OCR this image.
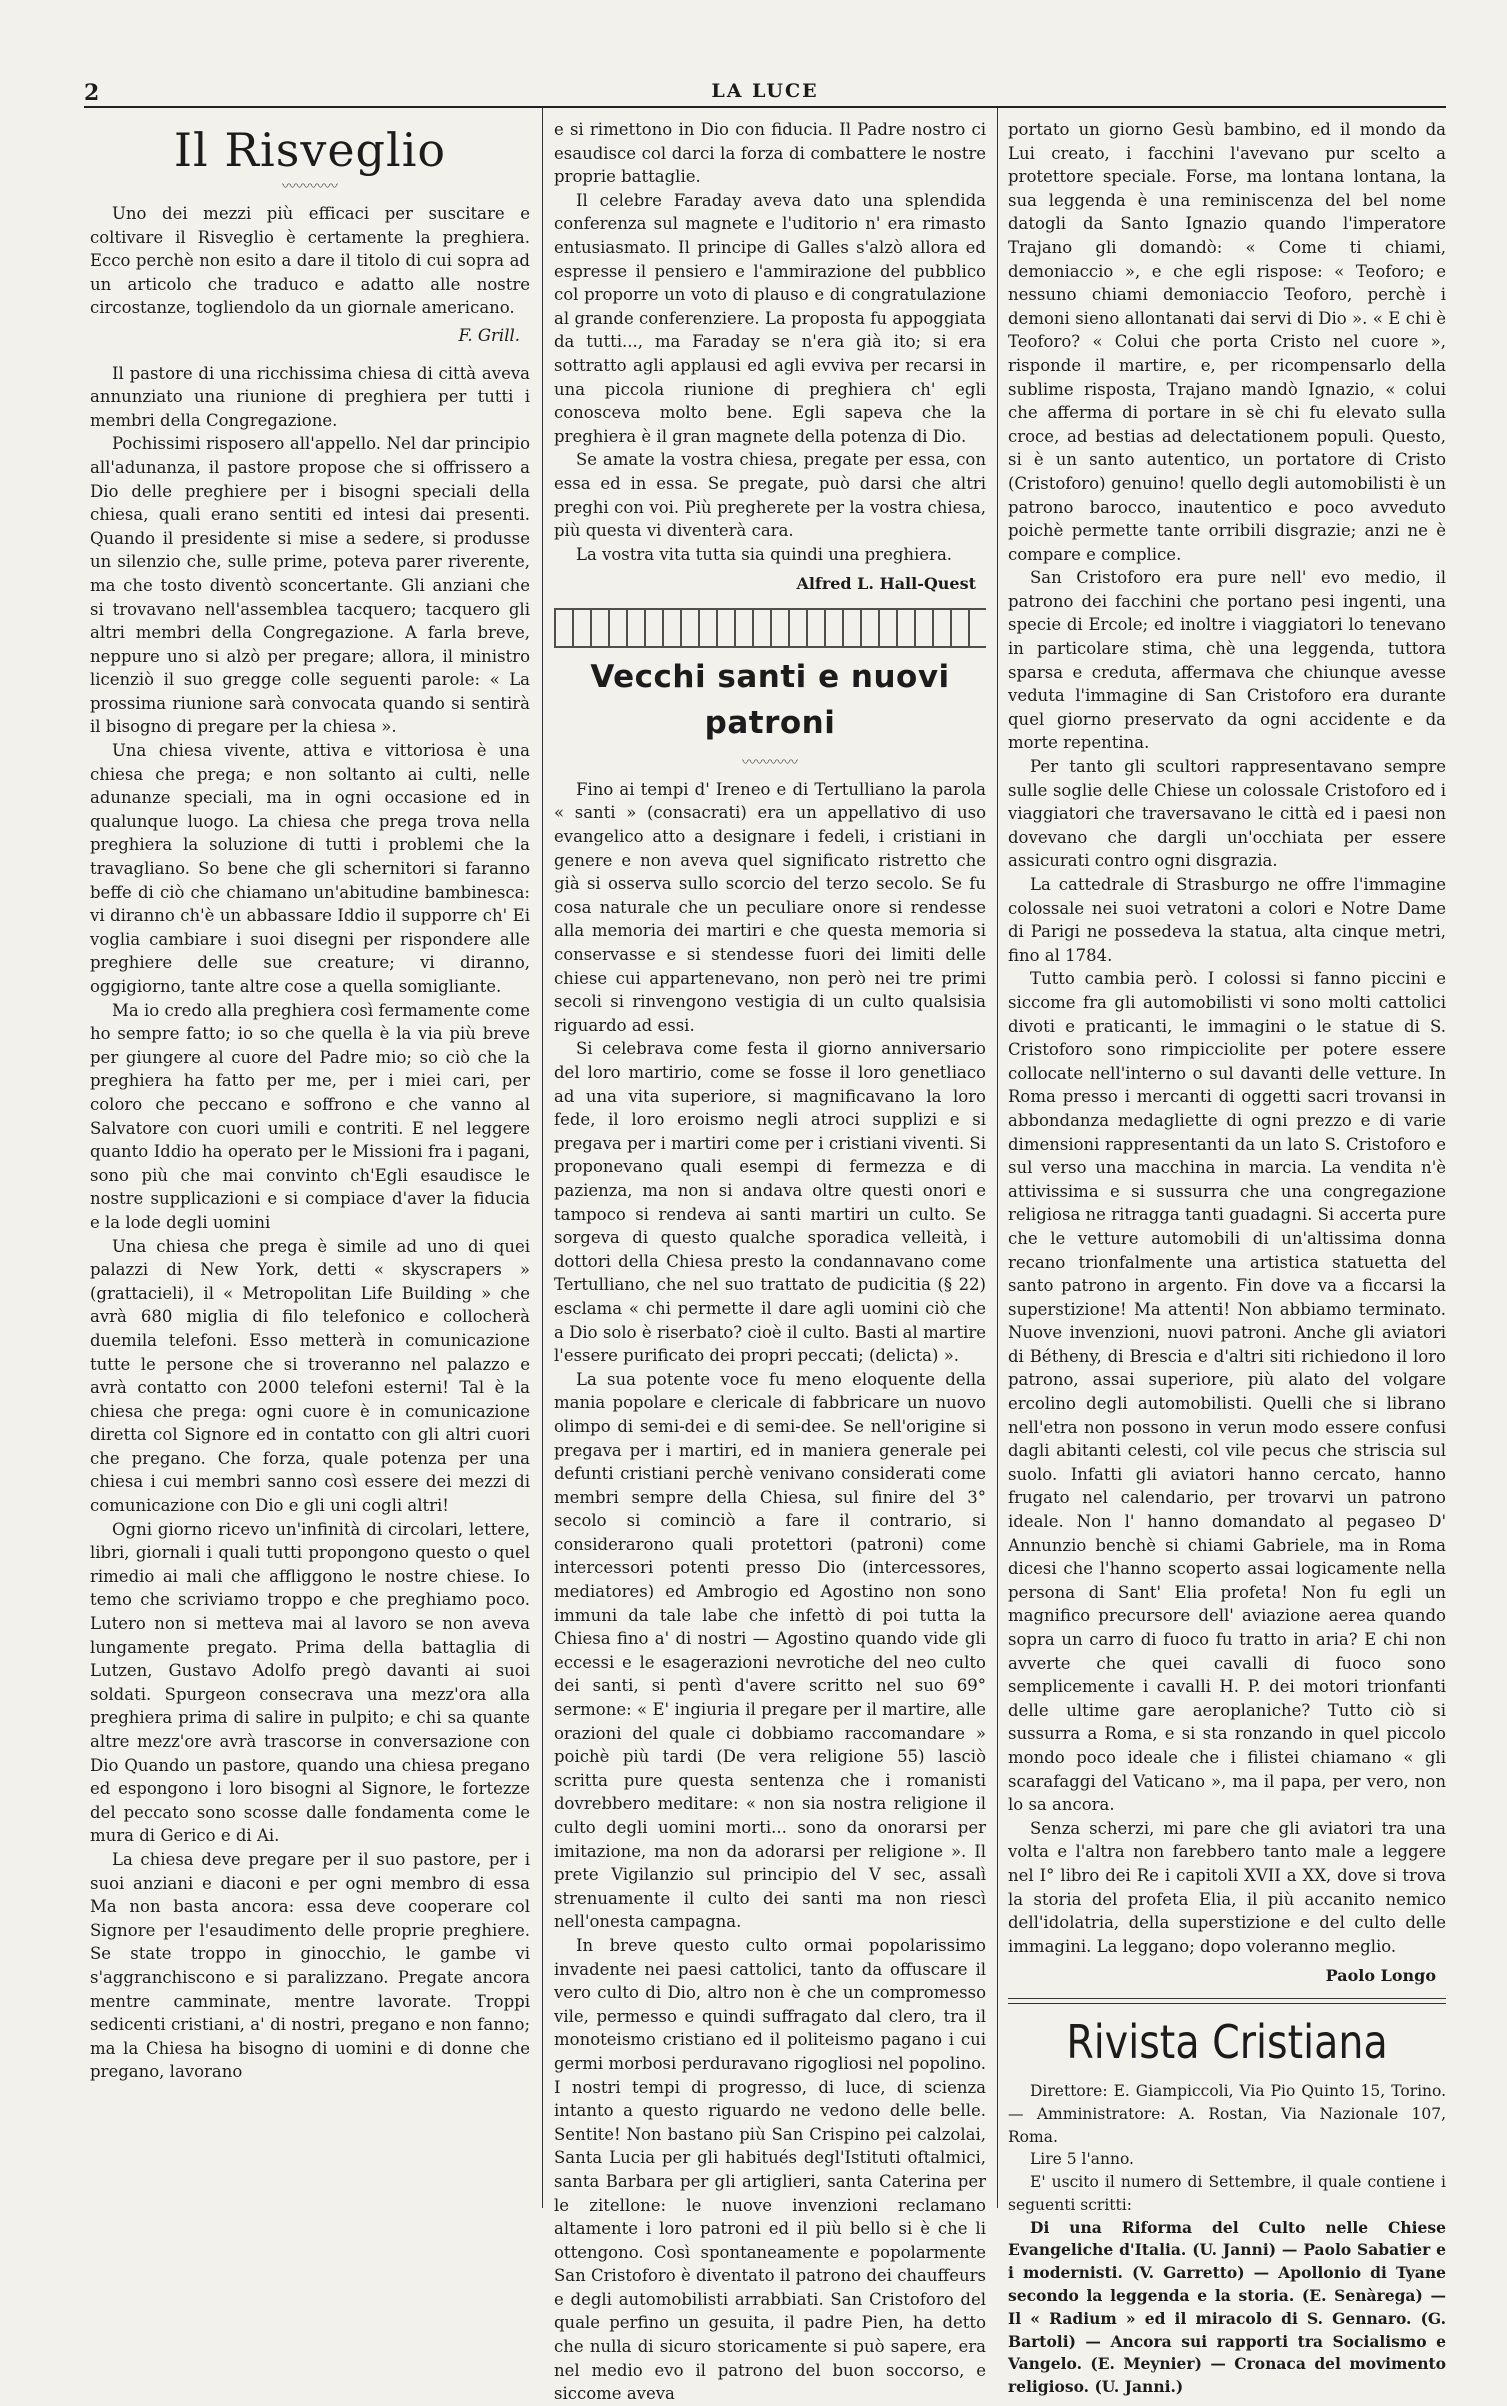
2	LA LUCE
Il Risveglio
〰〰〰〰

Uno dei mezzi più efficaci per suscitare e coltivare il Risveglio è certamente la preghiera. Ecco perchè non esito a dare il titolo di cui sopra ad un articolo che traduco e adatto alle nostre circostanze, togliendolo da un giornale americano.

F. Grill.

Il pastore di una ricchissima chiesa di città aveva annunziato una riunione di preghiera per tutti i membri della Congregazione.

Pochissimi risposero all'appello. Nel dar principio all'adunanza, il pastore propose che si offrissero a Dio delle preghiere per i bisogni speciali della chiesa, quali erano sentiti ed intesi dai presenti. Quando il presidente si mise a sedere, si produsse un silenzio che, sulle prime, poteva parer riverente, ma che tosto diventò sconcertante. Gli anziani che si trovavano nell'assemblea tacquero; tacquero gli altri membri della Congregazione. A farla breve, neppure uno si alzò per pregare; allora, il ministro licenziò il suo gregge colle seguenti parole: « La prossima riunione sarà convocata quando si sentirà il bisogno di pregare per la chiesa ».

Una chiesa vivente, attiva e vittoriosa è una chiesa che prega; e non soltanto ai culti, nelle adunanze speciali, ma in ogni occasione ed in qualunque luogo. La chiesa che prega trova nella preghiera la soluzione di tutti i problemi che la travagliano. So bene che gli schernitori si faranno beffe di ciò che chiamano un'abitudine bambinesca: vi diranno ch'è un abbassare Iddio il supporre ch' Ei voglia cambiare i suoi disegni per rispondere alle preghiere delle sue creature; vi diranno, oggigiorno, tante altre cose a quella somigliante.

Ma io credo alla preghiera così fermamente come ho sempre fatto; io so che quella è la via più breve per giungere al cuore del Padre mio; so ciò che la preghiera ha fatto per me, per i miei cari, per coloro che peccano e soffrono e che vanno al Salvatore con cuori umili e contriti. E nel leggere quanto Iddio ha operato per le Missioni fra i pagani, sono più che mai convinto ch'Egli esaudisce le nostre supplicazioni e si compiace d'aver la fiducia e la lode degli uomini

Una chiesa che prega è simile ad uno di quei palazzi di New York, detti « skyscrapers » (grattacieli), il « Metropolitan Life Building » che avrà 680 miglia di filo telefonico e collocherà duemila telefoni. Esso metterà in comunicazione tutte le persone che si troveranno nel palazzo e avrà contatto con 2000 telefoni esterni! Tal è la chiesa che prega: ogni cuore è in comunicazione diretta col Signore ed in contatto con gli altri cuori che pregano. Che forza, quale potenza per una chiesa i cui membri sanno così essere dei mezzi di comunicazione con Dio e gli uni cogli altri!

Ogni giorno ricevo un'infinità di circolari, lettere, libri, giornali i quali tutti propongono questo o quel rimedio ai mali che affliggono le nostre chiese. Io temo che scriviamo troppo e che preghiamo poco. Lutero non si metteva mai al lavoro se non aveva lungamente pregato. Prima della battaglia di Lutzen, Gustavo Adolfo pregò davanti ai suoi soldati. Spurgeon consecrava una mezz'ora alla preghiera prima di salire in pulpito; e chi sa quante altre mezz'ore avrà trascorse in conversazione con Dio Quando un pastore, quando una chiesa pregano ed espongono i loro bisogni al Signore, le fortezze del peccato sono scosse dalle fondamenta come le mura di Gerico e di Ai.

La chiesa deve pregare per il suo pastore, per i suoi anziani e diaconi e per ogni membro di essa Ma non basta ancora: essa deve cooperare col Signore per l'esaudimento delle proprie preghiere. Se state troppo in ginocchio, le gambe vi s'aggranchiscono e si paralizzano. Pregate ancora mentre camminate, mentre lavorate. Troppi sedicenti cristiani, a' di nostri, pregano e non fanno; ma la Chiesa ha bisogno di uomini e di donne che pregano, lavorano

e si rimettono in Dio con fiducia. Il Padre nostro ci esaudisce col darci la forza di combattere le nostre proprie battaglie.

Il celebre Faraday aveva dato una splendida conferenza sul magnete e l'uditorio n' era rimasto entusiasmato. Il principe di Galles s'alzò allora ed espresse il pensiero e l'ammirazione del pubblico col proporre un voto di plauso e di congratulazione al grande conferenziere. La proposta fu appoggiata da tutti..., ma Faraday se n'era già ito; si era sottratto agli applausi ed agli evviva per recarsi in una piccola riunione di preghiera ch' egli conosceva molto bene. Egli sapeva che la preghiera è il gran magnete della potenza di Dio.

Se amate la vostra chiesa, pregate per essa, con essa ed in essa. Se pregate, può darsi che altri preghi con voi. Più pregherete per la vostra chiesa, più questa vi diventerà cara.

La vostra vita tutta sia quindi una preghiera.

Alfred L. Hall-Quest

Vecchi santi e nuovi patroni
〰〰〰〰

Fino ai tempi d' Ireneo e di Tertulliano la parola « santi » (consacrati) era un appellativo di uso evangelico atto a designare i fedeli, i cristiani in genere e non aveva quel significato ristretto che già si osserva sullo scorcio del terzo secolo. Se fu cosa naturale che un peculiare onore si rendesse alla memoria dei martiri e che questa memoria si conservasse e si stendesse fuori dei limiti delle chiese cui appartenevano, non però nei tre primi secoli si rinvengono vestigia di un culto qualsisia riguardo ad essi.

Si celebrava come festa il giorno anniversario del loro martirio, come se fosse il loro genetliaco ad una vita superiore, si magnificavano la loro fede, il loro eroismo negli atroci supplizi e si pregava per i martiri come per i cristiani viventi. Si proponevano quali esempi di fermezza e di pazienza, ma non si andava oltre questi onori e tampoco si rendeva ai santi martiri un culto. Se sorgeva di questo qualche sporadica velleità, i dottori della Chiesa presto la condannavano come Tertulliano, che nel suo trattato de pudicitia (§ 22) esclama « chi permette il dare agli uomini ciò che a Dio solo è riserbato? cioè il culto. Basti al martire l'essere purificato dei propri peccati; (delicta) ».

La sua potente voce fu meno eloquente della mania popolare e clericale di fabbricare un nuovo olimpo di semi-dei e di semi-dee. Se nell'origine si pregava per i martiri, ed in maniera generale pei defunti cristiani perchè venivano considerati come membri sempre della Chiesa, sul finire del 3° secolo si cominciò a fare il contrario, si considerarono quali protettori (patroni) come intercessori potenti presso Dio (intercessores, mediatores) ed Ambrogio ed Agostino non sono immuni da tale labe che infettò di poi tutta la Chiesa fino a' di nostri — Agostino quando vide gli eccessi e le esagerazioni nevrotiche del neo culto dei santi, si pentì d'avere scritto nel suo 69° sermone: « E' ingiuria il pregare per il martire, alle orazioni del quale ci dobbiamo raccomandare » poichè più tardi (De vera religione 55) lasciò scritta pure questa sentenza che i romanisti dovrebbero meditare: « non sia nostra religione il culto degli uomini morti... sono da onorarsi per imitazione, ma non da adorarsi per religione ». Il prete Vigilanzio sul principio del V sec, assalì strenuamente il culto dei santi ma non riescì nell'onesta campagna.

In breve questo culto ormai popolarissimo invadente nei paesi cattolici, tanto da offuscare il vero culto di Dio, altro non è che un compromesso vile, permesso e quindi suffragato dal clero, tra il monoteismo cristiano ed il politeismo pagano i cui germi morbosi perduravano rigogliosi nel popolino. I nostri tempi di progresso, di luce, di scienza intanto a questo riguardo ne vedono delle belle. Sentite! Non bastano più San Crispino pei calzolai, Santa Lucia per gli habitués degl'Istituti oftalmici, santa Barbara per gli artiglieri, santa Caterina per le zitellone: le nuove invenzioni reclamano altamente i loro patroni ed il più bello si è che li ottengono. Così spontaneamente e popolarmente San Cristoforo è diventato il patrono dei chauffeurs e degli automobilisti arrabbiati. San Cristoforo del quale perfino un gesuita, il padre Pien, ha detto che nulla di sicuro storicamente si può sapere, era nel medio evo il patrono del buon soccorso, e siccome aveva

portato un giorno Gesù bambino, ed il mondo da Lui creato, i facchini l'avevano pur scelto a protettore speciale. Forse, ma lontana lontana, la sua leggenda è una reminiscenza del bel nome datogli da Santo Ignazio quando l'imperatore Trajano gli domandò: « Come ti chiami, demoniaccio », e che egli rispose: « Teoforo; e nessuno chiami demoniaccio Teoforo, perchè i demoni sieno allontanati dai servi di Dio ». « E chi è Teoforo? « Colui che porta Cristo nel cuore », risponde il martire, e, per ricompensarlo della sublime risposta, Trajano mandò Ignazio, « colui che afferma di portare in sè chi fu elevato sulla croce, ad bestias ad delectationem populi. Questo, si è un santo autentico, un portatore di Cristo (Cristoforo) genuino! quello degli automobilisti è un patrono barocco, inautentico e poco avveduto poichè permette tante orribili disgrazie; anzi ne è compare e complice.

San Cristoforo era pure nell' evo medio, il patrono dei facchini che portano pesi ingenti, una specie di Ercole; ed inoltre i viaggiatori lo tenevano in particolare stima, chè una leggenda, tuttora sparsa e creduta, affermava che chiunque avesse veduta l'immagine di San Cristoforo era durante quel giorno preservato da ogni accidente e da morte repentina.

Per tanto gli scultori rappresentavano sempre sulle soglie delle Chiese un colossale Cristoforo ed i viaggiatori che traversavano le città ed i paesi non dovevano che dargli un'occhiata per essere assicurati contro ogni disgrazia.

La cattedrale di Strasburgo ne offre l'immagine colossale nei suoi vetratoni a colori e Notre Dame di Parigi ne possedeva la statua, alta cinque metri, fino al 1784.

Tutto cambia però. I colossi si fanno piccini e siccome fra gli automobilisti vi sono molti cattolici divoti e praticanti, le immagini o le statue di S. Cristoforo sono rimpicciolite per potere essere collocate nell'interno o sul davanti delle vetture. In Roma presso i mercanti di oggetti sacri trovansi in abbondanza medagliette di ogni prezzo e di varie dimensioni rappresentanti da un lato S. Cristoforo e sul verso una macchina in marcia. La vendita n'è attivissima e si sussurra che una congregazione religiosa ne ritragga tanti guadagni. Si accerta pure che le vetture automobili di un'altissima donna recano trionfalmente una artistica statuetta del santo patrono in argento. Fin dove va a ficcarsi la superstizione! Ma attenti! Non abbiamo terminato. Nuove invenzioni, nuovi patroni. Anche gli aviatori di Bétheny, di Brescia e d'altri siti richiedono il loro patrono, assai superiore, più alato del volgare ercolino degli automobilisti. Quelli che si librano nell'etra non possono in verun modo essere confusi dagli abitanti celesti, col vile pecus che striscia sul suolo. Infatti gli aviatori hanno cercato, hanno frugato nel calendario, per trovarvi un patrono ideale. Non l' hanno domandato al pegaseo D' Annunzio benchè si chiami Gabriele, ma in Roma dicesi che l'hanno scoperto assai logicamente nella persona di Sant' Elia profeta! Non fu egli un magnifico precursore dell' aviazione aerea quando sopra un carro di fuoco fu tratto in aria? E chi non avverte che quei cavalli di fuoco sono semplicemente i cavalli H. P. dei motori trionfanti delle ultime gare aeroplaniche? Tutto ciò si sussurra a Roma, e si sta ronzando in quel piccolo mondo poco ideale che i filistei chiamano « gli scarafaggi del Vaticano », ma il papa, per vero, non lo sa ancora.

Senza scherzi, mi pare che gli aviatori tra una volta e l'altra non farebbero tanto male a leggere nel I° libro dei Re i capitoli XVII a XX, dove si trova la storia del profeta Elia, il più accanito nemico dell'idolatria, della superstizione e del culto delle immagini. La leggano; dopo voleranno meglio.

Paolo Longo

Rivista Cristiana

Direttore: E. Giampiccoli, Via Pio Quinto 15, Torino. — Amministratore: A. Rostan, Via Nazionale 107, Roma.

Lire 5 l'anno.

E' uscito il numero di Settembre, il quale contiene i seguenti scritti:

Di una Riforma del Culto nelle Chiese Evangeliche d'Italia. (U. Janni) — Paolo Sabatier e i modernisti. (V. Garretto) — Apollonio di Tyane secondo la leggenda e la storia. (E. Senàrega) — Il « Radium » ed il miracolo di S. Gennaro. (G. Bartoli) — Ancora sui rapporti tra Socialismo e Vangelo. (E. Meynier) — Cronaca del movimento religioso. (U. Janni.)
